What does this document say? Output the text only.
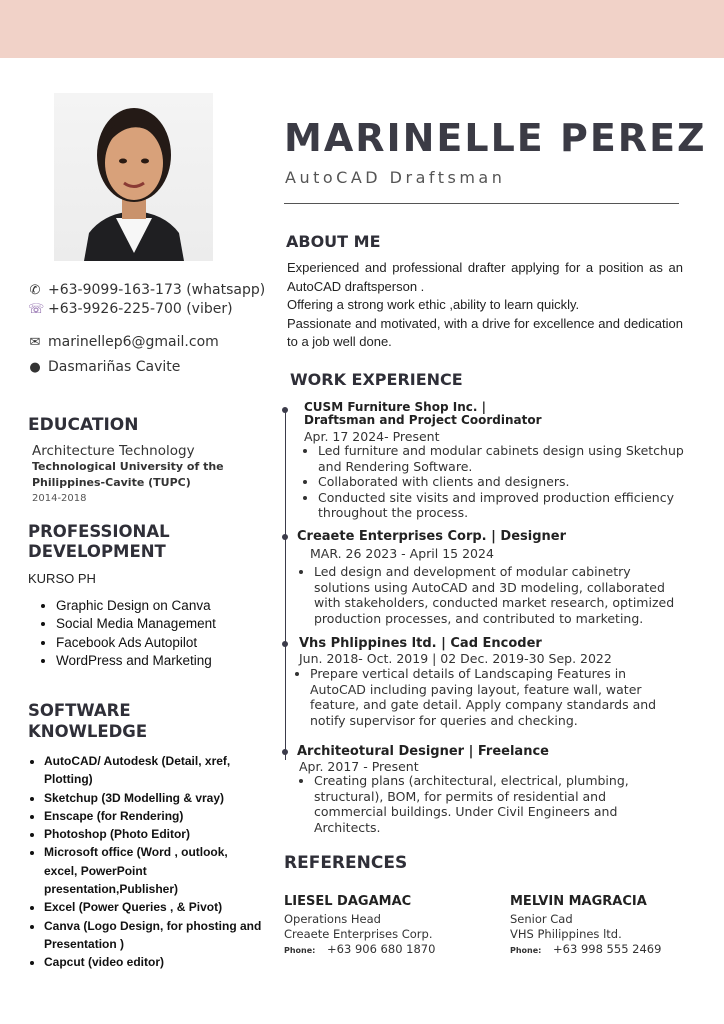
MARINELLE PEREZ
AutoCAD Draftsman
ABOUT ME
Experienced and professional drafter applying for a position as an AutoCAD draftsperson .
Offering a strong work ethic ,ability to learn quickly.
Passionate and motivated, with a drive for excellence and dedication to a job well done.
✆ +63-9099-163-173 (whatsapp)
☏ +63-9926-225-700 (viber)
✉ marinellep6@gmail.com
● Dasmariñas Cavite
EDUCATION
Architecture Technology
Technological University of the
Philippines-Cavite (TUPC)
2014-2018
PROFESSIONAL
DEVELOPMENT
KURSO PH
• Graphic Design on Canva
• Social Media Management
• Facebook Ads Autopilot
• WordPress and Marketing
SOFTWARE
KNOWLEDGE
• AutoCAD/ Autodesk (Detail, xref, Plotting)
• Sketchup (3D Modelling & vray)
• Enscape (for Rendering)
• Photoshop (Photo Editor)
• Microsoft office (Word , outlook, excel, PowerPoint presentation,Publisher)
• Excel (Power Queries , & Pivot)
• Canva (Logo Design, for phosting and Presentation )
• Capcut (video editor)
WORK EXPERIENCE
CUSM Furniture Shop Inc. |
Draftsman and Project Coordinator
Apr. 17 2024- Present
• Led furniture and modular cabinets design using Sketchup and Rendering Software.
• Collaborated with clients and designers.
• Conducted site visits and improved production efficiency throughout the process.
Creaete Enterprises Corp. | Designer
MAR. 26 2023 - April 15 2024
• Led design and development of modular cabinetry solutions using AutoCAD and 3D modeling, collaborated with stakeholders, conducted market research, optimized production processes, and contributed to marketing.
Vhs Phlippines ltd. | Cad Encoder
Jun. 2018- Oct. 2019 | 02 Dec. 2019-30 Sep. 2022
• Prepare vertical details of Landscaping Features in AutoCAD including paving layout, feature wall, water feature, and gate detail. Apply company standards and notify supervisor for queries and checking.
Architeotural Designer | Freelance
Apr. 2017 - Present
• Creating plans (architectural, electrical, plumbing, structural), BOM, for permits of residential and commercial buildings. Under Civil Engineers and Architects.
REFERENCES
LIESEL DAGAMAC
Operations Head
Creaete Enterprises Corp.
Phone: +63 906 680 1870
MELVIN MAGRACIA
Senior Cad
VHS Philippines ltd.
Phone: +63 998 555 2469
